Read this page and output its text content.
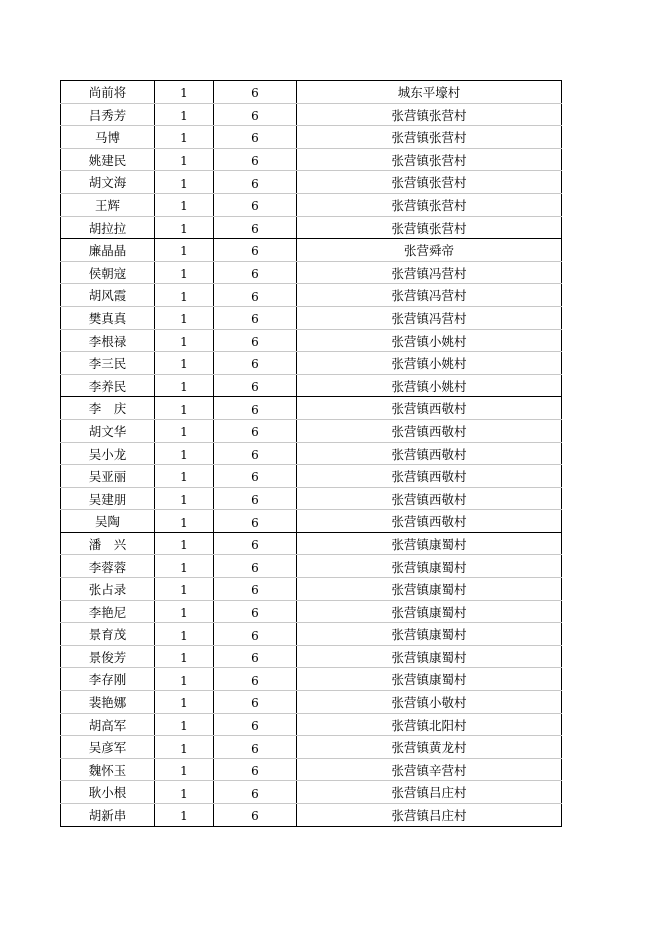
尚前将	1	6	城东平壕村
吕秀芳	1	6	张营镇张营村
马博	1	6	张营镇张营村
姚建民	1	6	张营镇张营村
胡文海	1	6	张营镇张营村
王辉	1	6	张营镇张营村
胡拉拉	1	6	张营镇张营村
廉晶晶	1	6	张营舜帝
侯朝寇	1	6	张营镇冯营村
胡风霞	1	6	张营镇冯营村
樊真真	1	6	张营镇冯营村
李根禄	1	6	张营镇小姚村
李三民	1	6	张营镇小姚村
李养民	1	6	张营镇小姚村
李　庆	1	6	张营镇西敬村
胡文华	1	6	张营镇西敬村
吴小龙	1	6	张营镇西敬村
吴亚丽	1	6	张营镇西敬村
吴建朋	1	6	张营镇西敬村
吴陶	1	6	张营镇西敬村
潘　兴	1	6	张营镇康蜀村
李蓉蓉	1	6	张营镇康蜀村
张占录	1	6	张营镇康蜀村
李艳尼	1	6	张营镇康蜀村
景育茂	1	6	张营镇康蜀村
景俊芳	1	6	张营镇康蜀村
李存刚	1	6	张营镇康蜀村
裴艳娜	1	6	张营镇小敬村
胡高军	1	6	张营镇北阳村
吴彦军	1	6	张营镇黄龙村
魏怀玉	1	6	张营镇辛营村
耿小根	1	6	张营镇吕庄村
胡新串	1	6	张营镇吕庄村
